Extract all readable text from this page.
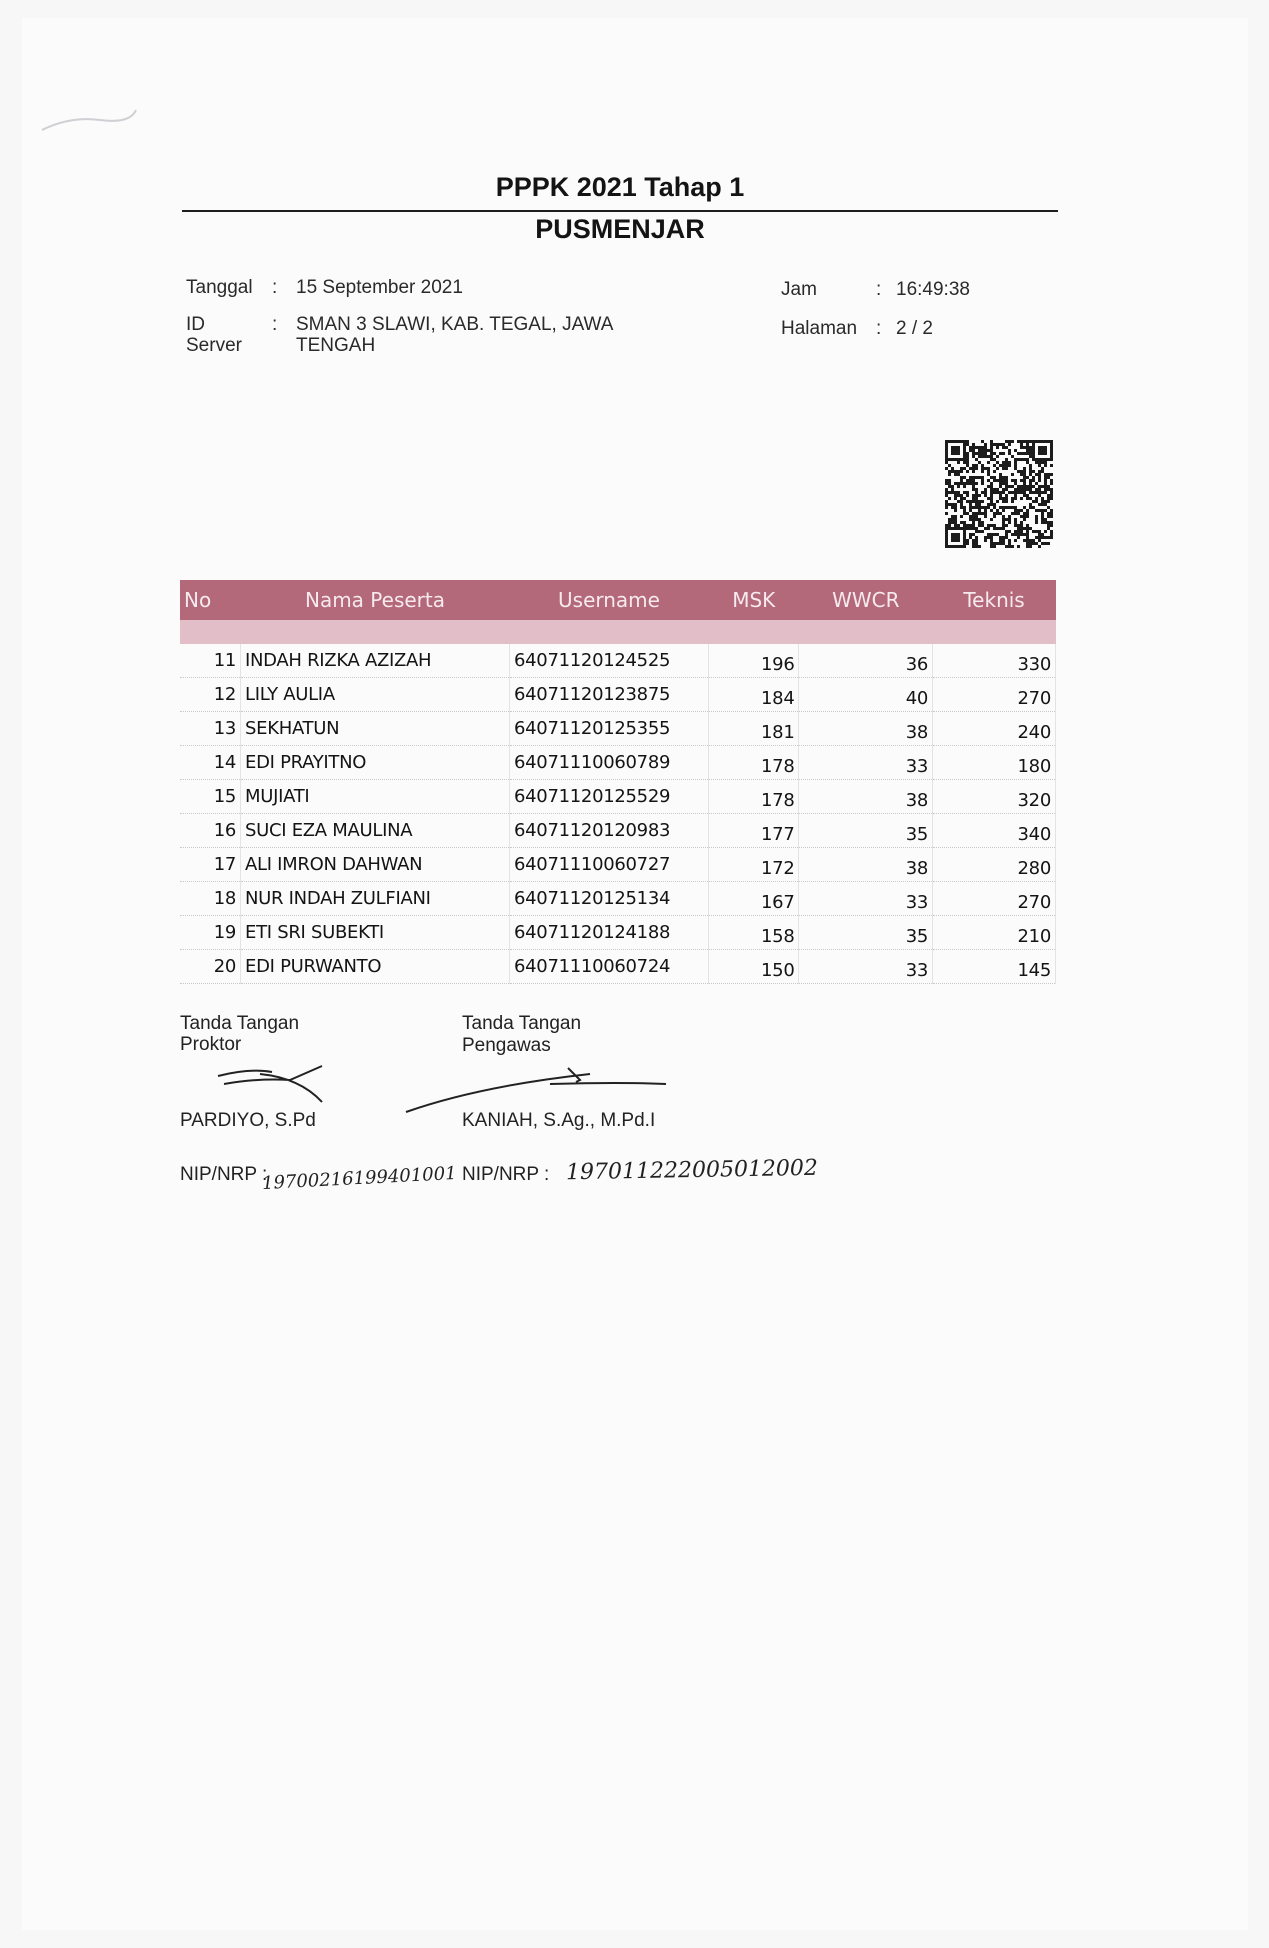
PPPK 2021 Tahap 1
PUSMENJAR
Tanggal : 15 September 2021
ID
Server
: SMAN 3 SLAWI, KAB. TEGAL, JAWA
TENGAH
Jam	: 16:49:38
Halaman : 2 / 2
No	Nama Peserta	Username	MSK	WWCR	Teknis

11	INDAH RIZKA AZIZAH	64071120124525	196	36	330
12	LILY AULIA	64071120123875	184	40	270
13	SEKHATUN	64071120125355	181	38	240
14	EDI PRAYITNO	64071110060789	178	33	180
15	MUJIATI	64071120125529	178	38	320
16	SUCI EZA MAULINA	64071120120983	177	35	340
17	ALI IMRON DAHWAN	64071110060727	172	38	280
18	NUR INDAH ZULFIANI	64071120125134	167	33	270
19	ETI SRI SUBEKTI	64071120124188	158	35	210
20	EDI PURWANTO	64071110060724	150	33	145
Tanda Tangan
Proktor
PARDIYO, S.Pd
NIP/NRP :
19700216199401001
Tanda Tangan
Pengawas
KANIAH, S.Ag., M.Pd.I
NIP/NRP : 197011222005012002
